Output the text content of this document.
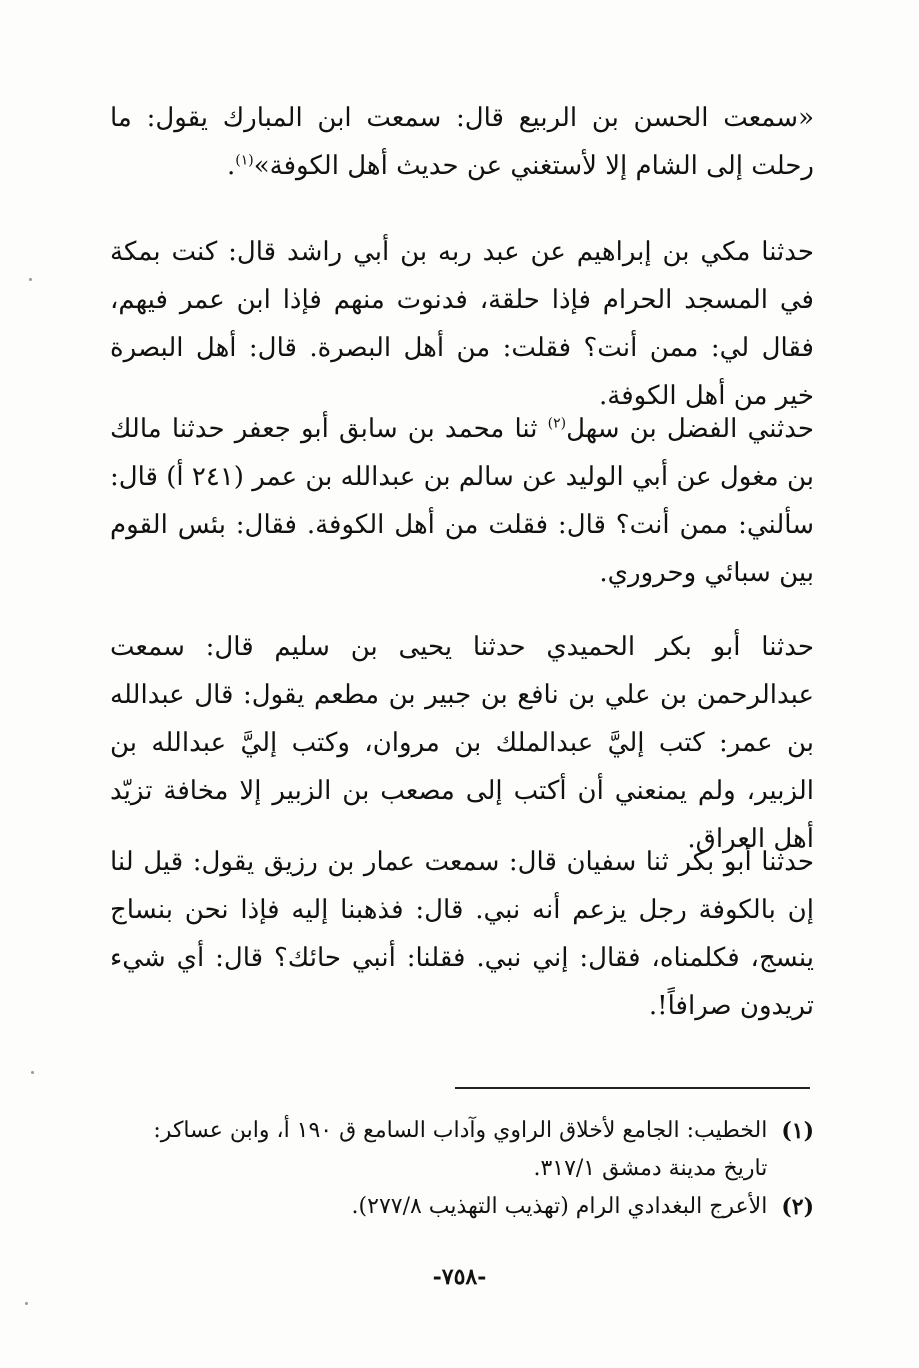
«سمعت الحسن بن الربيع قال: سمعت ابن المبارك يقول: ما رحلت إلى الشام إلا لأستغني عن حديث أهل الكوفة»$^{(١)}$.

حدثنا مكي بن إبراهيم عن عبد ربه بن أبي راشد قال: كنت بمكة في المسجد الحرام فإذا حلقة، فدنوت منهم فإذا ابن عمر فيهم، فقال لي: ممن أنت؟ فقلت: من أهل البصرة. قال: أهل البصرة خير من أهل الكوفة.

حدثني الفضل بن سهل$^{(٢)}$ ثنا محمد بن سابق أبو جعفر حدثنا مالك بن مغول عن أبي الوليد عن سالم بن عبدالله بن عمر (٢٤١ أ) قال: سألني: ممن أنت؟ قال: فقلت من أهل الكوفة. فقال: بئس القوم بين سبائي وحروري.

حدثنا أبو بكر الحميدي حدثنا يحيى بن سليم قال: سمعت عبدالرحمن بن علي بن نافع بن جبير بن مطعم يقول: قال عبدالله بن عمر: كتب إليَّ عبدالملك بن مروان، وكتب إليَّ عبدالله بن الزبير، ولم يمنعني أن أكتب إلى مصعب بن الزبير إلا مخافة تزيّد أهل العراق.

حدثنا أبو بكر ثنا سفيان قال: سمعت عمار بن رزيق يقول: قيل لنا إن بالكوفة رجل يزعم أنه نبي. قال: فذهبنا إليه فإذا نحن بنساج ينسج، فكلمناه، فقال: إني نبي. فقلنا: أنبي حائك؟ قال: أي شيء تريدون صرافاً!.

(١)
الخطيب: الجامع لأخلاق الراوي وآداب السامع ق ١٩٠ أ، وابن عساكر: تاريخ مدينة دمشق ٣١٧/١.
(٢)
الأعرج البغدادي الرام (تهذيب التهذيب ٢٧٧/٨).
-٧٥٨-
